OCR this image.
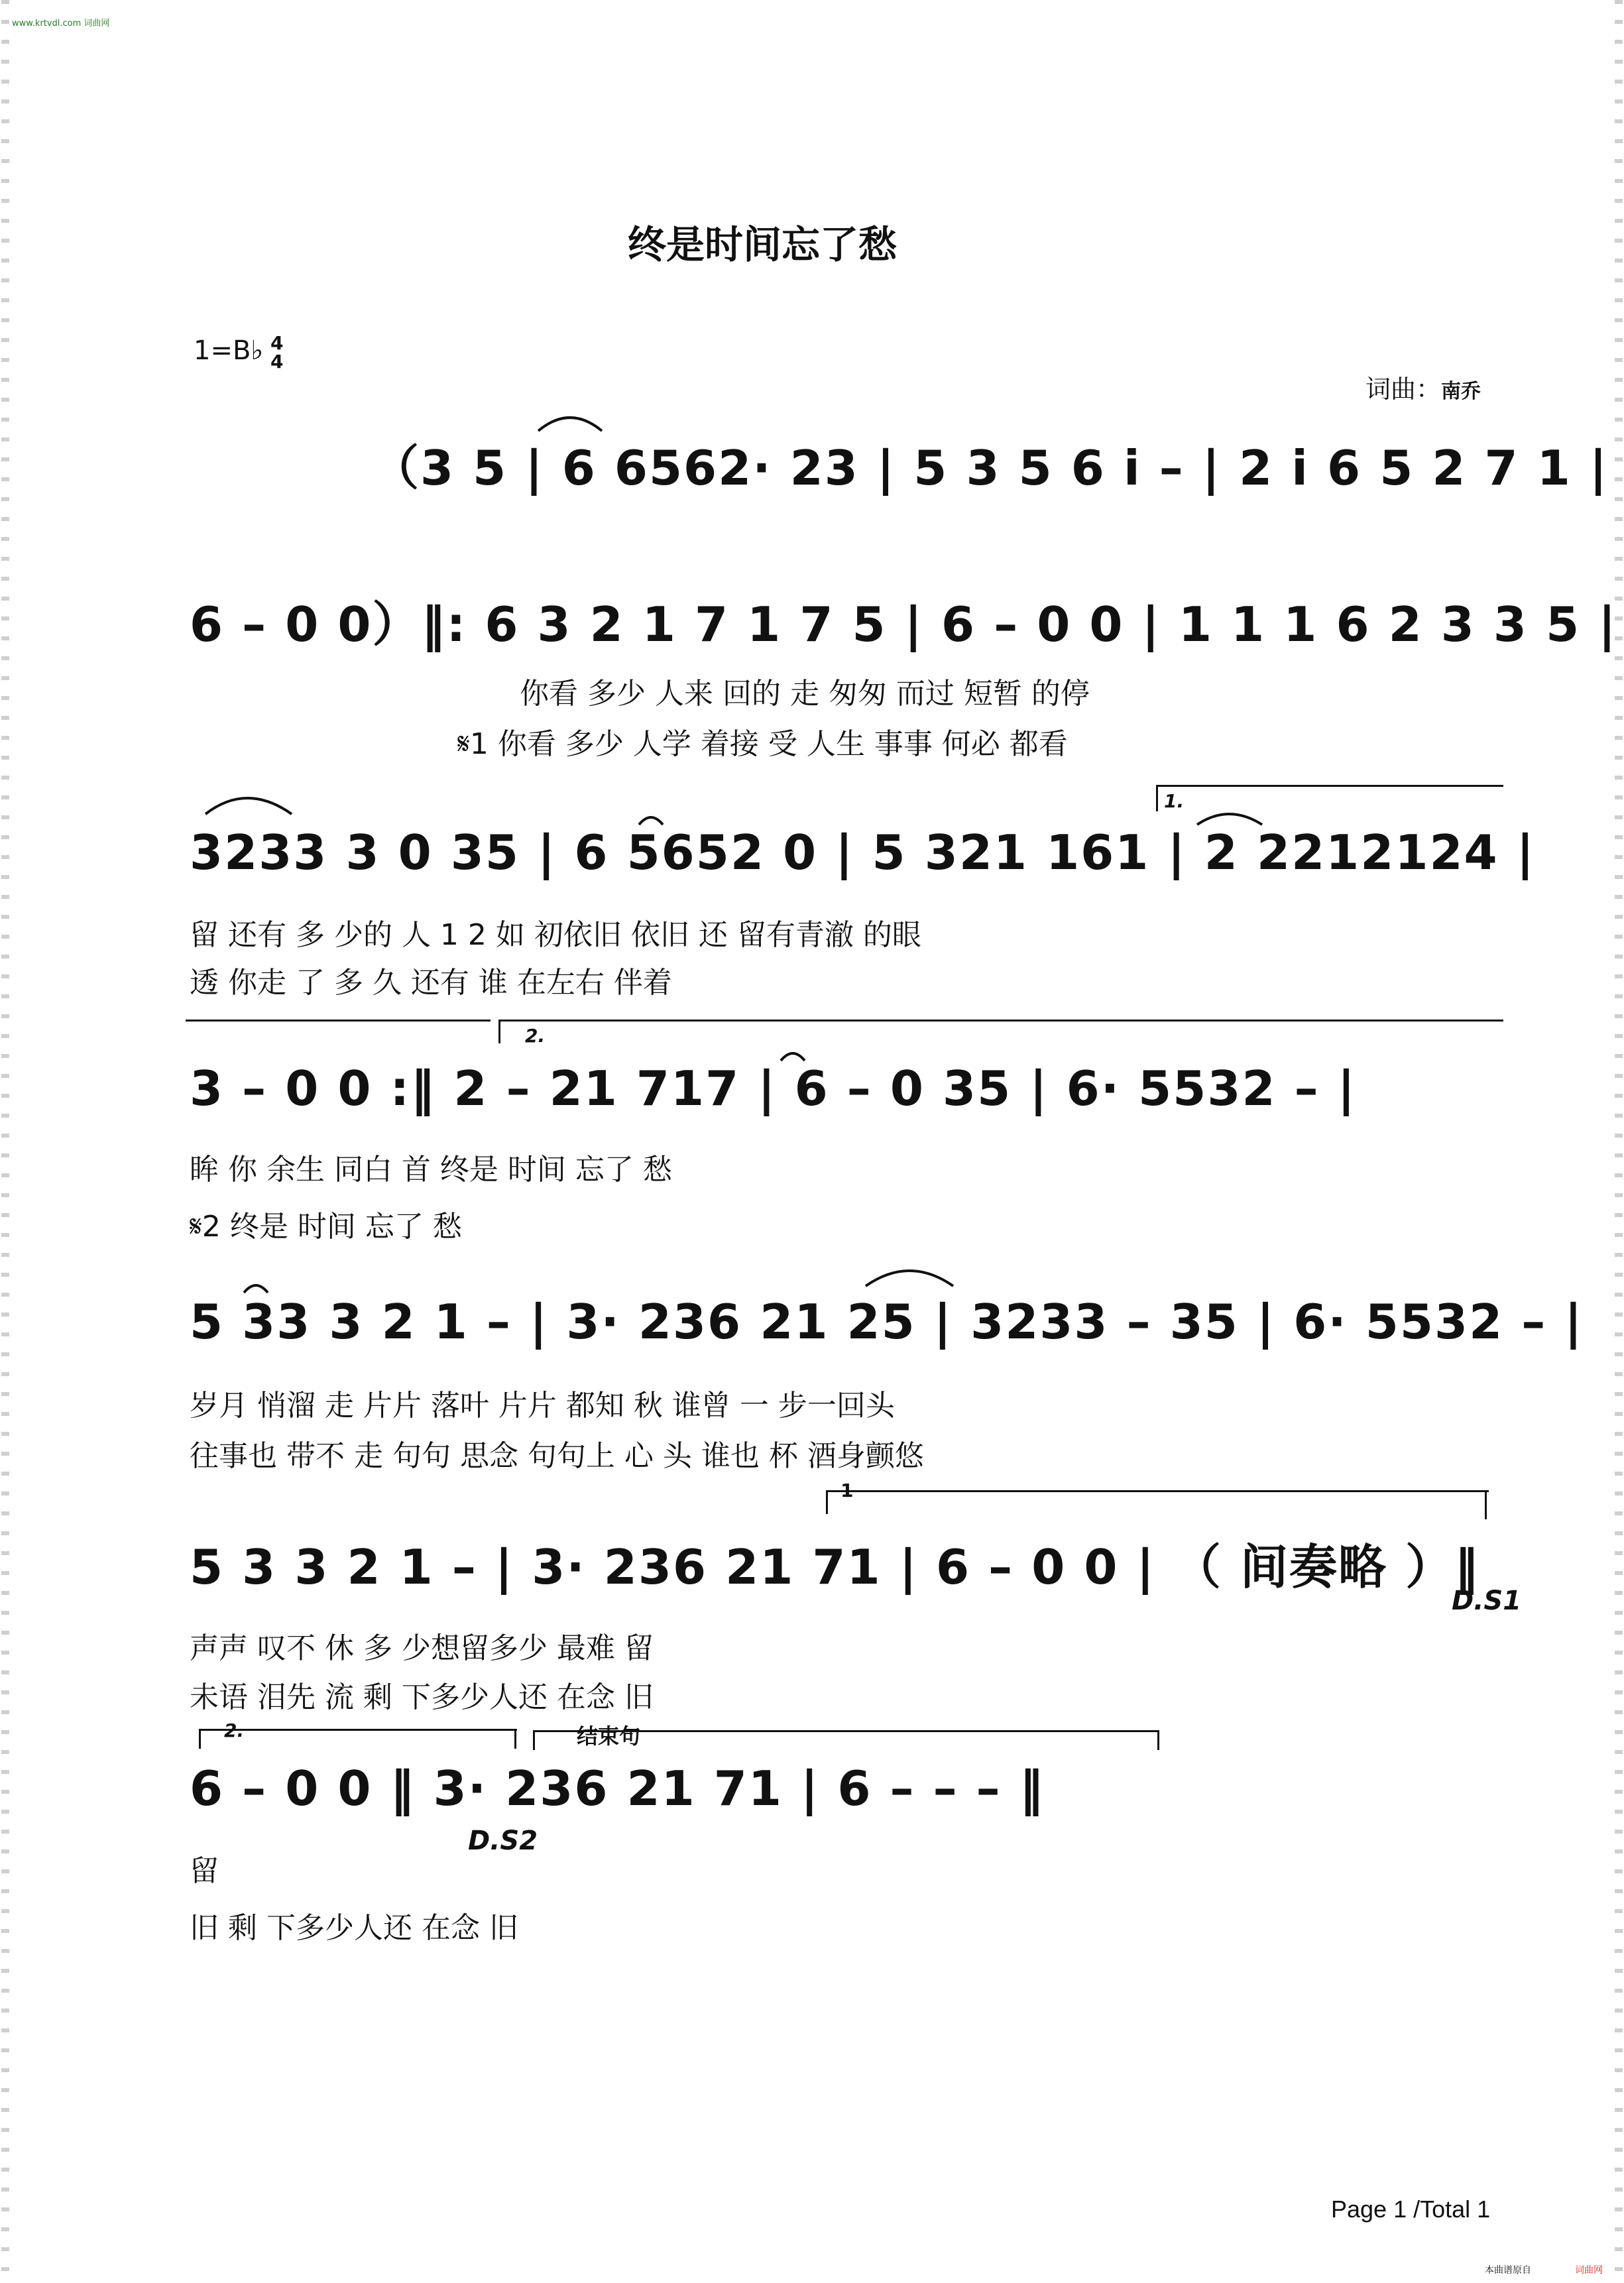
www.krtvdl.com 词曲网
终是时间忘了愁
1=B♭ 4
4
词曲：南乔
（3 5 | 6 6562· 23 | 5 3 5 6 i – | 2 i 6 5 2 7 1 |
6 – 0 0）‖: 6 3 2 1 7 1 7 5 | 6 – 0 0 | 1 1 1 6 2 3 3 5 |
你看 多少 人来 回的 走 匆匆 而过 短暂 的停
𝄋1 你看 多少 人学 着接 受 人生 事事 何必 都看
3233 3 0 35 | 6 5652 0 | 5 321 161 | 2 2212124 |
留 还有 多 少的 人 1 2 如 初依旧 依旧 还 留有青澈 的眼
透 你走 了 多 久 还有 谁 在左右 伴着
3 – 0 0 :‖ 2 – 21 717 | 6 – 0 35 | 6· 5532 – |
眸 你 余生 同白 首 终是 时间 忘了 愁
𝄋2 终是 时间 忘了 愁
5 33 3 2 1 – | 3· 236 21 25 | 3233 – 35 | 6· 5532 – |
岁月 悄溜 走 片片 落叶 片片 都知 秋 谁曾 一 步一回头
往事也 带不 走 句句 思念 句句上 心 头 谁也 杯 酒身颤悠
5 3 3 2 1 – | 3· 236 21 71 | 6 – 0 0 | （ 间奏略 ）‖
声声 叹不 休 多 少想留多少 最难 留
未语 泪先 流 剩 下多少人还 在念 旧
6 – 0 0 ‖ 3· 236 21 71 | 6 – – – ‖
留
旧 剩 下多少人还 在念 旧
1.
2.
1
2.	结束句
D.S1
D.S2
Page 1 /Total 1
本曲谱原自	词曲网
